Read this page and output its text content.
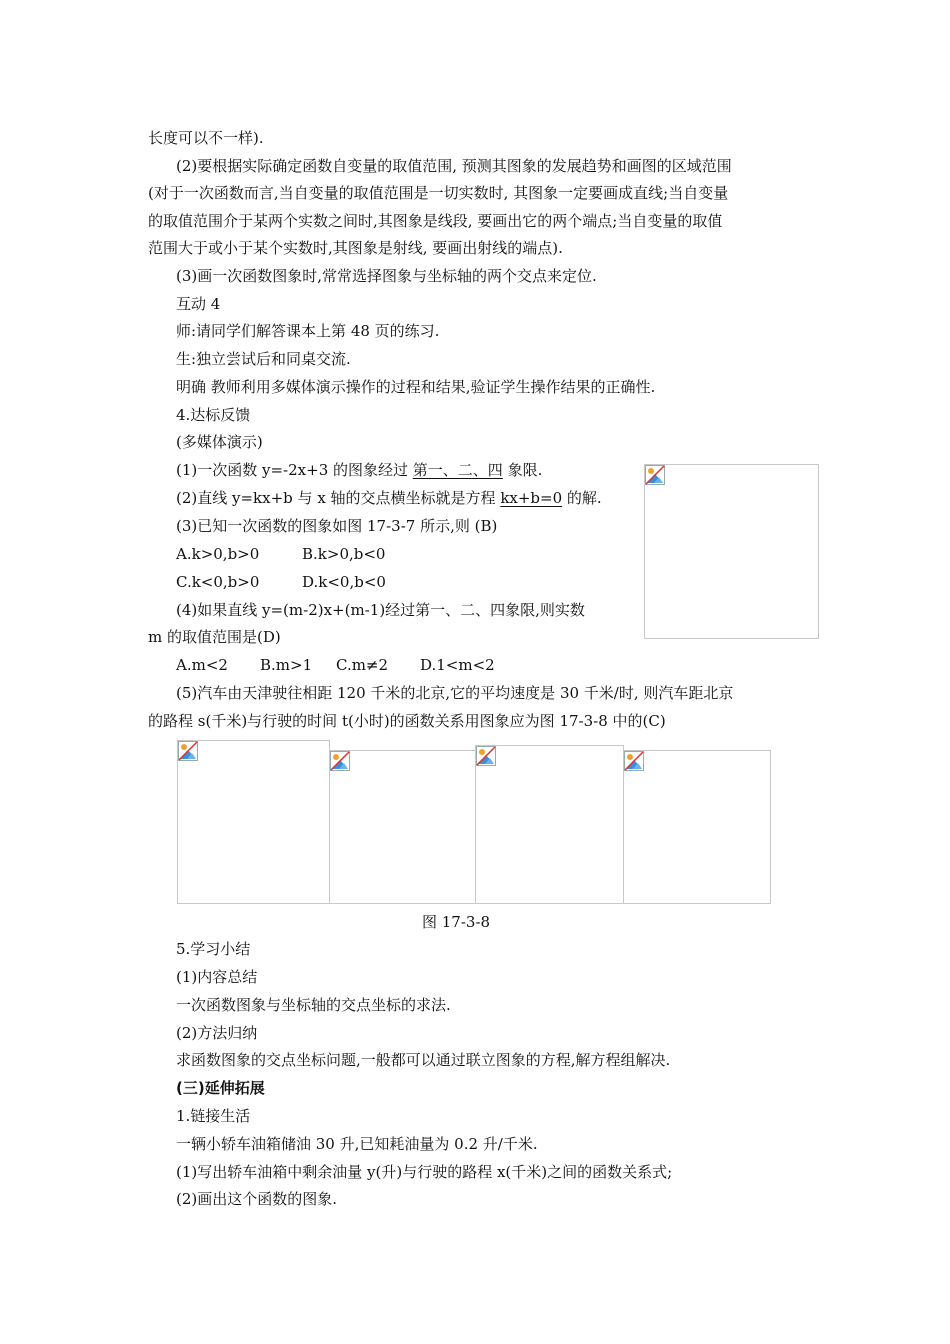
长度可以不一样).
(2)要根据实际确定函数自变量的取值范围, 预测其图象的发展趋势和画图的区域范围
(对于一次函数而言,当自变量的取值范围是一切实数时, 其图象一定要画成直线;当自变量
的取值范围介于某两个实数之间时,其图象是线段, 要画出它的两个端点;当自变量的取值
范围大于或小于某个实数时,其图象是射线, 要画出射线的端点).
(3)画一次函数图象时,常常选择图象与坐标轴的两个交点来定位.
互动 4
师:请同学们解答课本上第 48 页的练习.
生:独立尝试后和同桌交流.
明确 教师利用多媒体演示操作的过程和结果,验证学生操作结果的正确性.
4.达标反馈
(多媒体演示)
(1)一次函数 y=-2x+3 的图象经过 第一、二、四 象限.
(2)直线 y=kx+b 与 x 轴的交点横坐标就是方程 kx+b=0 的解.
(3)已知一次函数的图象如图 17-3-7 所示,则 (B)
A.k>0,b>0	B.k>0,b<0
C.k<0,b>0	D.k<0,b<0
(4)如果直线 y=(m-2)x+(m-1)经过第一、二、四象限,则实数
m 的取值范围是(D)
A.m<2 B.m>1 C.m≠2 D.1<m<2
(5)汽车由天津驶往相距 120 千米的北京,它的平均速度是 30 千米/时, 则汽车距北京
的路程 s(千米)与行驶的时间 t(小时)的函数关系用图象应为图 17-3-8 中的(C)
图 17-3-8
5.学习小结
(1)内容总结
一次函数图象与坐标轴的交点坐标的求法.
(2)方法归纳
求函数图象的交点坐标问题,一般都可以通过联立图象的方程,解方程组解决.
(三)延伸拓展
1.链接生活
一辆小轿车油箱储油 30 升,已知耗油量为 0.2 升/千米.
(1)写出轿车油箱中剩余油量 y(升)与行驶的路程 x(千米)之间的函数关系式;
(2)画出这个函数的图象.
